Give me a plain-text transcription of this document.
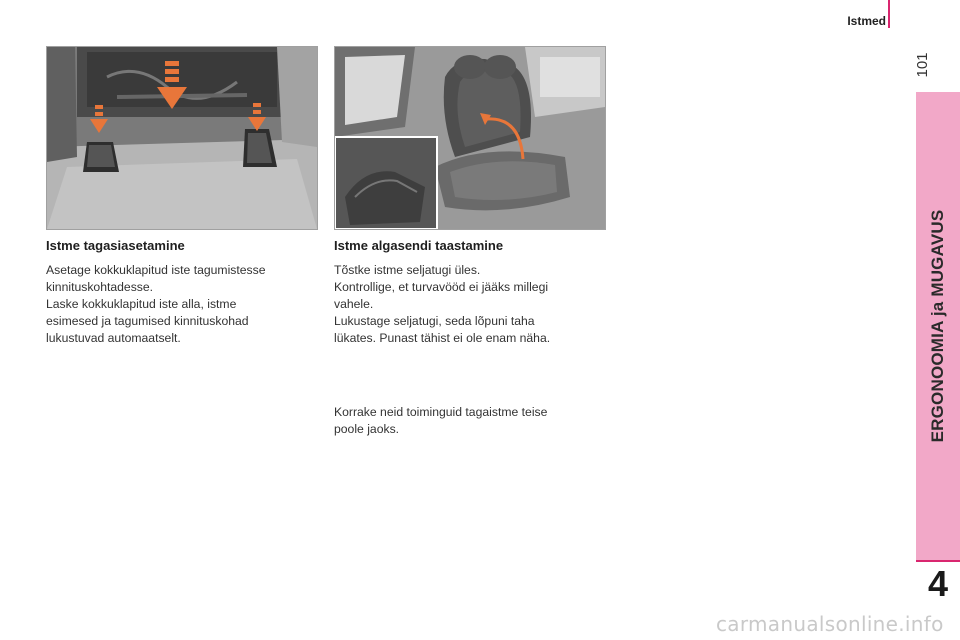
Istmed
101
ERGONOOMIA ja MUGAVUS
4
Istme tagasiasetamine
Asetage kokkuklapitud iste tagumistesse
kinnituskohtadesse.
Laske kokkuklapitud iste alla, istme
esimesed ja tagumised kinnituskohad
lukustuvad automaatselt.
Istme algasendi taastamine
Tõstke istme seljatugi üles.
Kontrollige, et turvavööd ei jääks millegi
vahele.
Lukustage seljatugi, seda lõpuni taha
lükates. Punast tähist ei ole enam näha.
Korrake neid toiminguid tagaistme teise
poole jaoks.
carmanualsonline.info
